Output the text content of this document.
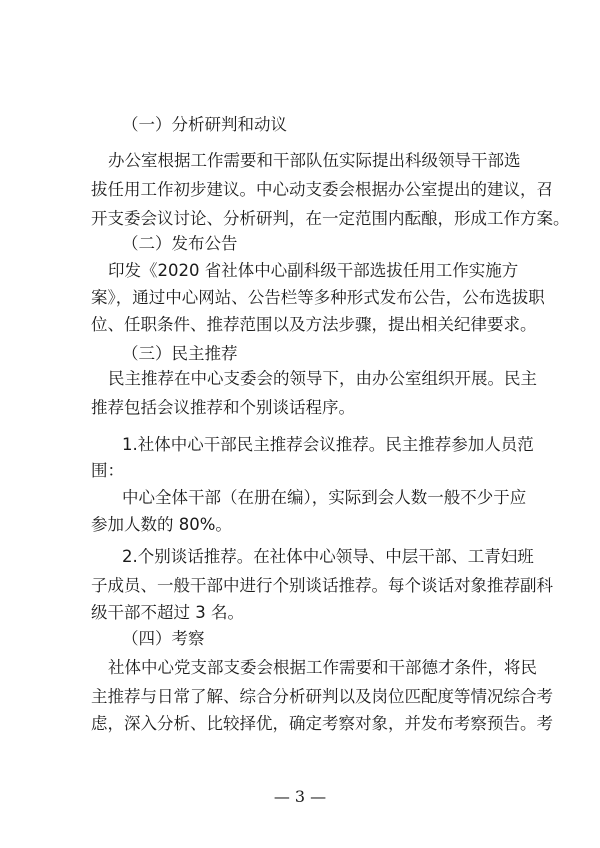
（一）分析研判和动议
办公室根据工作需要和干部队伍实际提出科级领导干部选
拔任用工作初步建议。中心动支委会根据办公室提出的建议，召
开支委会议讨论、分析研判，在一定范围内酝酿，形成工作方案。
（二）发布公告
印发《2020 省社体中心副科级干部选拔任用工作实施方
案》，通过中心网站、公告栏等多种形式发布公告，公布选拔职
位、任职条件、推荐范围以及方法步骤，提出相关纪律要求。
（三）民主推荐
民主推荐在中心支委会的领导下，由办公室组织开展。民主
推荐包括会议推荐和个别谈话程序。
1.社体中心干部民主推荐会议推荐。民主推荐参加人员范
围：
中心全体干部（在册在编），实际到会人数一般不少于应
参加人数的 80%。
2.个别谈话推荐。在社体中心领导、中层干部、工青妇班
子成员、一般干部中进行个别谈话推荐。每个谈话对象推荐副科
级干部不超过 3 名。
（四）考察
社体中心党支部支委会根据工作需要和干部德才条件，将民
主推荐与日常了解、综合分析研判以及岗位匹配度等情况综合考
虑，深入分析、比较择优，确定考察对象，并发布考察预告。考
— 3 —
